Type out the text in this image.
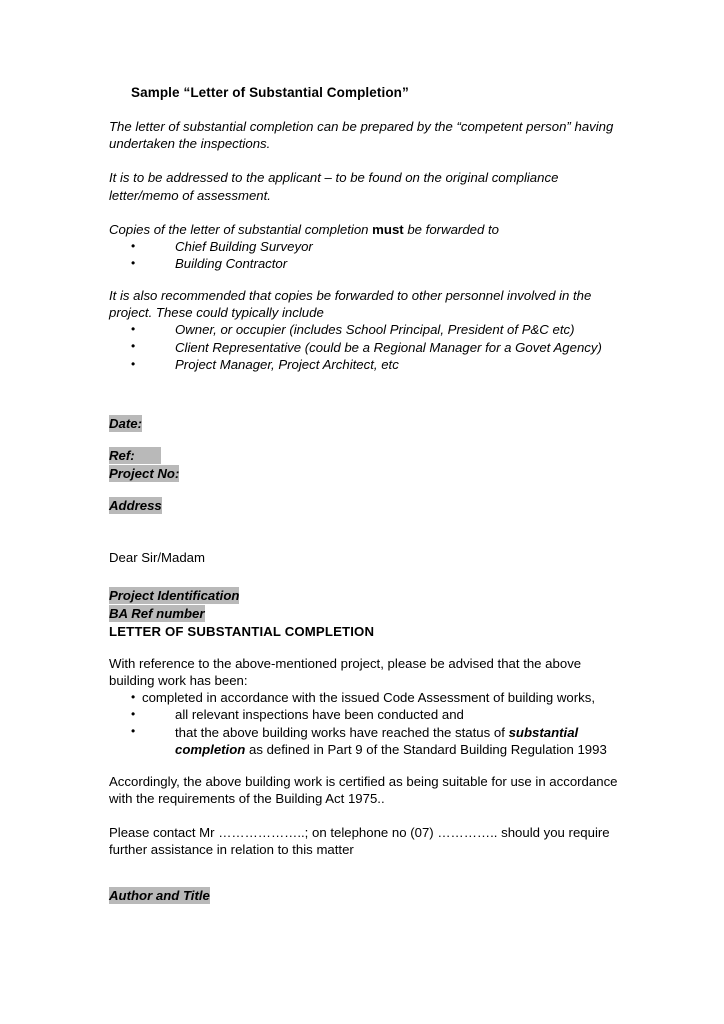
Sample “Letter of Substantial Completion”

The letter of substantial completion can be prepared by the “competent person” having undertaken the inspections.

It is to be addressed to the applicant – to be found on the original compliance letter/memo of assessment.

Copies of the letter of substantial completion must be forwarded to

• Chief Building Surveyor
• Building Contractor

It is also recommended that copies be forwarded to other personnel involved in the project. These could typically include

• Owner, or occupier (includes School Principal, President of P&C etc)
• Client Representative (could be a Regional Manager for a Govet Agency)
• Project Manager, Project Architect, etc

Date:

Ref:

Project No:

Address

Dear Sir/Madam

Project Identification

BA Ref number

LETTER OF SUBSTANTIAL COMPLETION

With reference to the above-mentioned project, please be advised that the above building work has been:

• completed in accordance with the issued Code Assessment of building works,
• all relevant inspections have been conducted and
• that the above building works have reached the status of substantial completion as defined in Part 9 of the Standard Building Regulation 1993

Accordingly, the above building work is certified as being suitable for use in accordance with the requirements of the Building Act 1975..

Please contact Mr ………………..; on telephone no (07) ………….. should you require further assistance in relation to this matter

Author and Title
